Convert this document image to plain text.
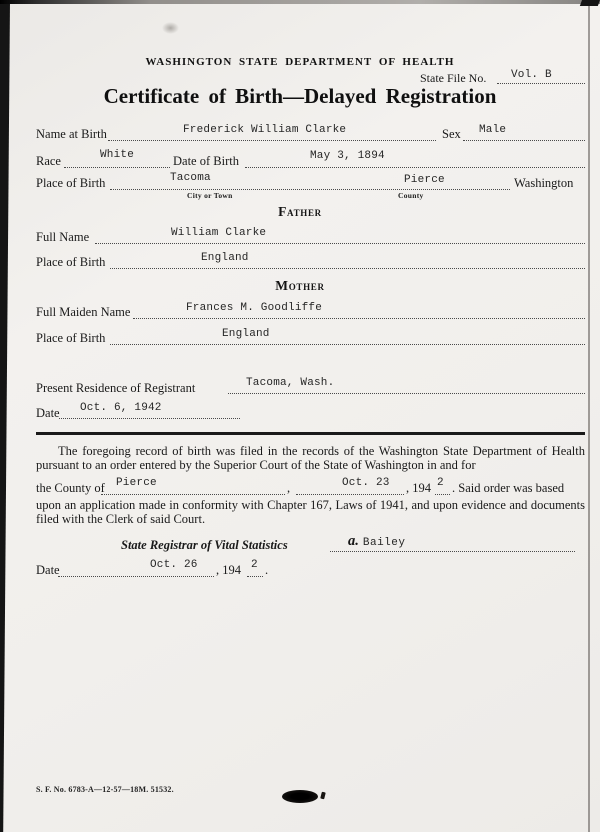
WASHINGTON STATE DEPARTMENT OF HEALTH
State File No. Vol. B
Certificate of Birth—Delayed Registration
Name at Birth	Frederick William Clarke	Sex Male
Race	White	Date of Birth	May 3, 1894
Place of Birth	Tacoma	Pierce	Washington
City or Town	County
Father
Full Name	William Clarke
Place of Birth	England
Mother
Full Maiden Name	Frances M. Goodliffe
Place of Birth	England
Present Residence of Registrant	Tacoma, Wash.
Date Oct. 6, 1942
The foregoing record of birth was filed in the records of the Washington State Department of Health pursuant to an order entered by the Superior Court of the State of Washington in and for
the County of Pierce	,	Oct. 23 , 194 2 . Said order was based
upon an application made in conformity with Chapter 167, Laws of 1941, and upon evidence and documents filed with the Clerk of said Court.
State Registrar of Vital Statistics	a. Bailey
Date	Oct. 26 , 194 2 .
S. F. No. 6783-A—12-57—18M. 51532.
